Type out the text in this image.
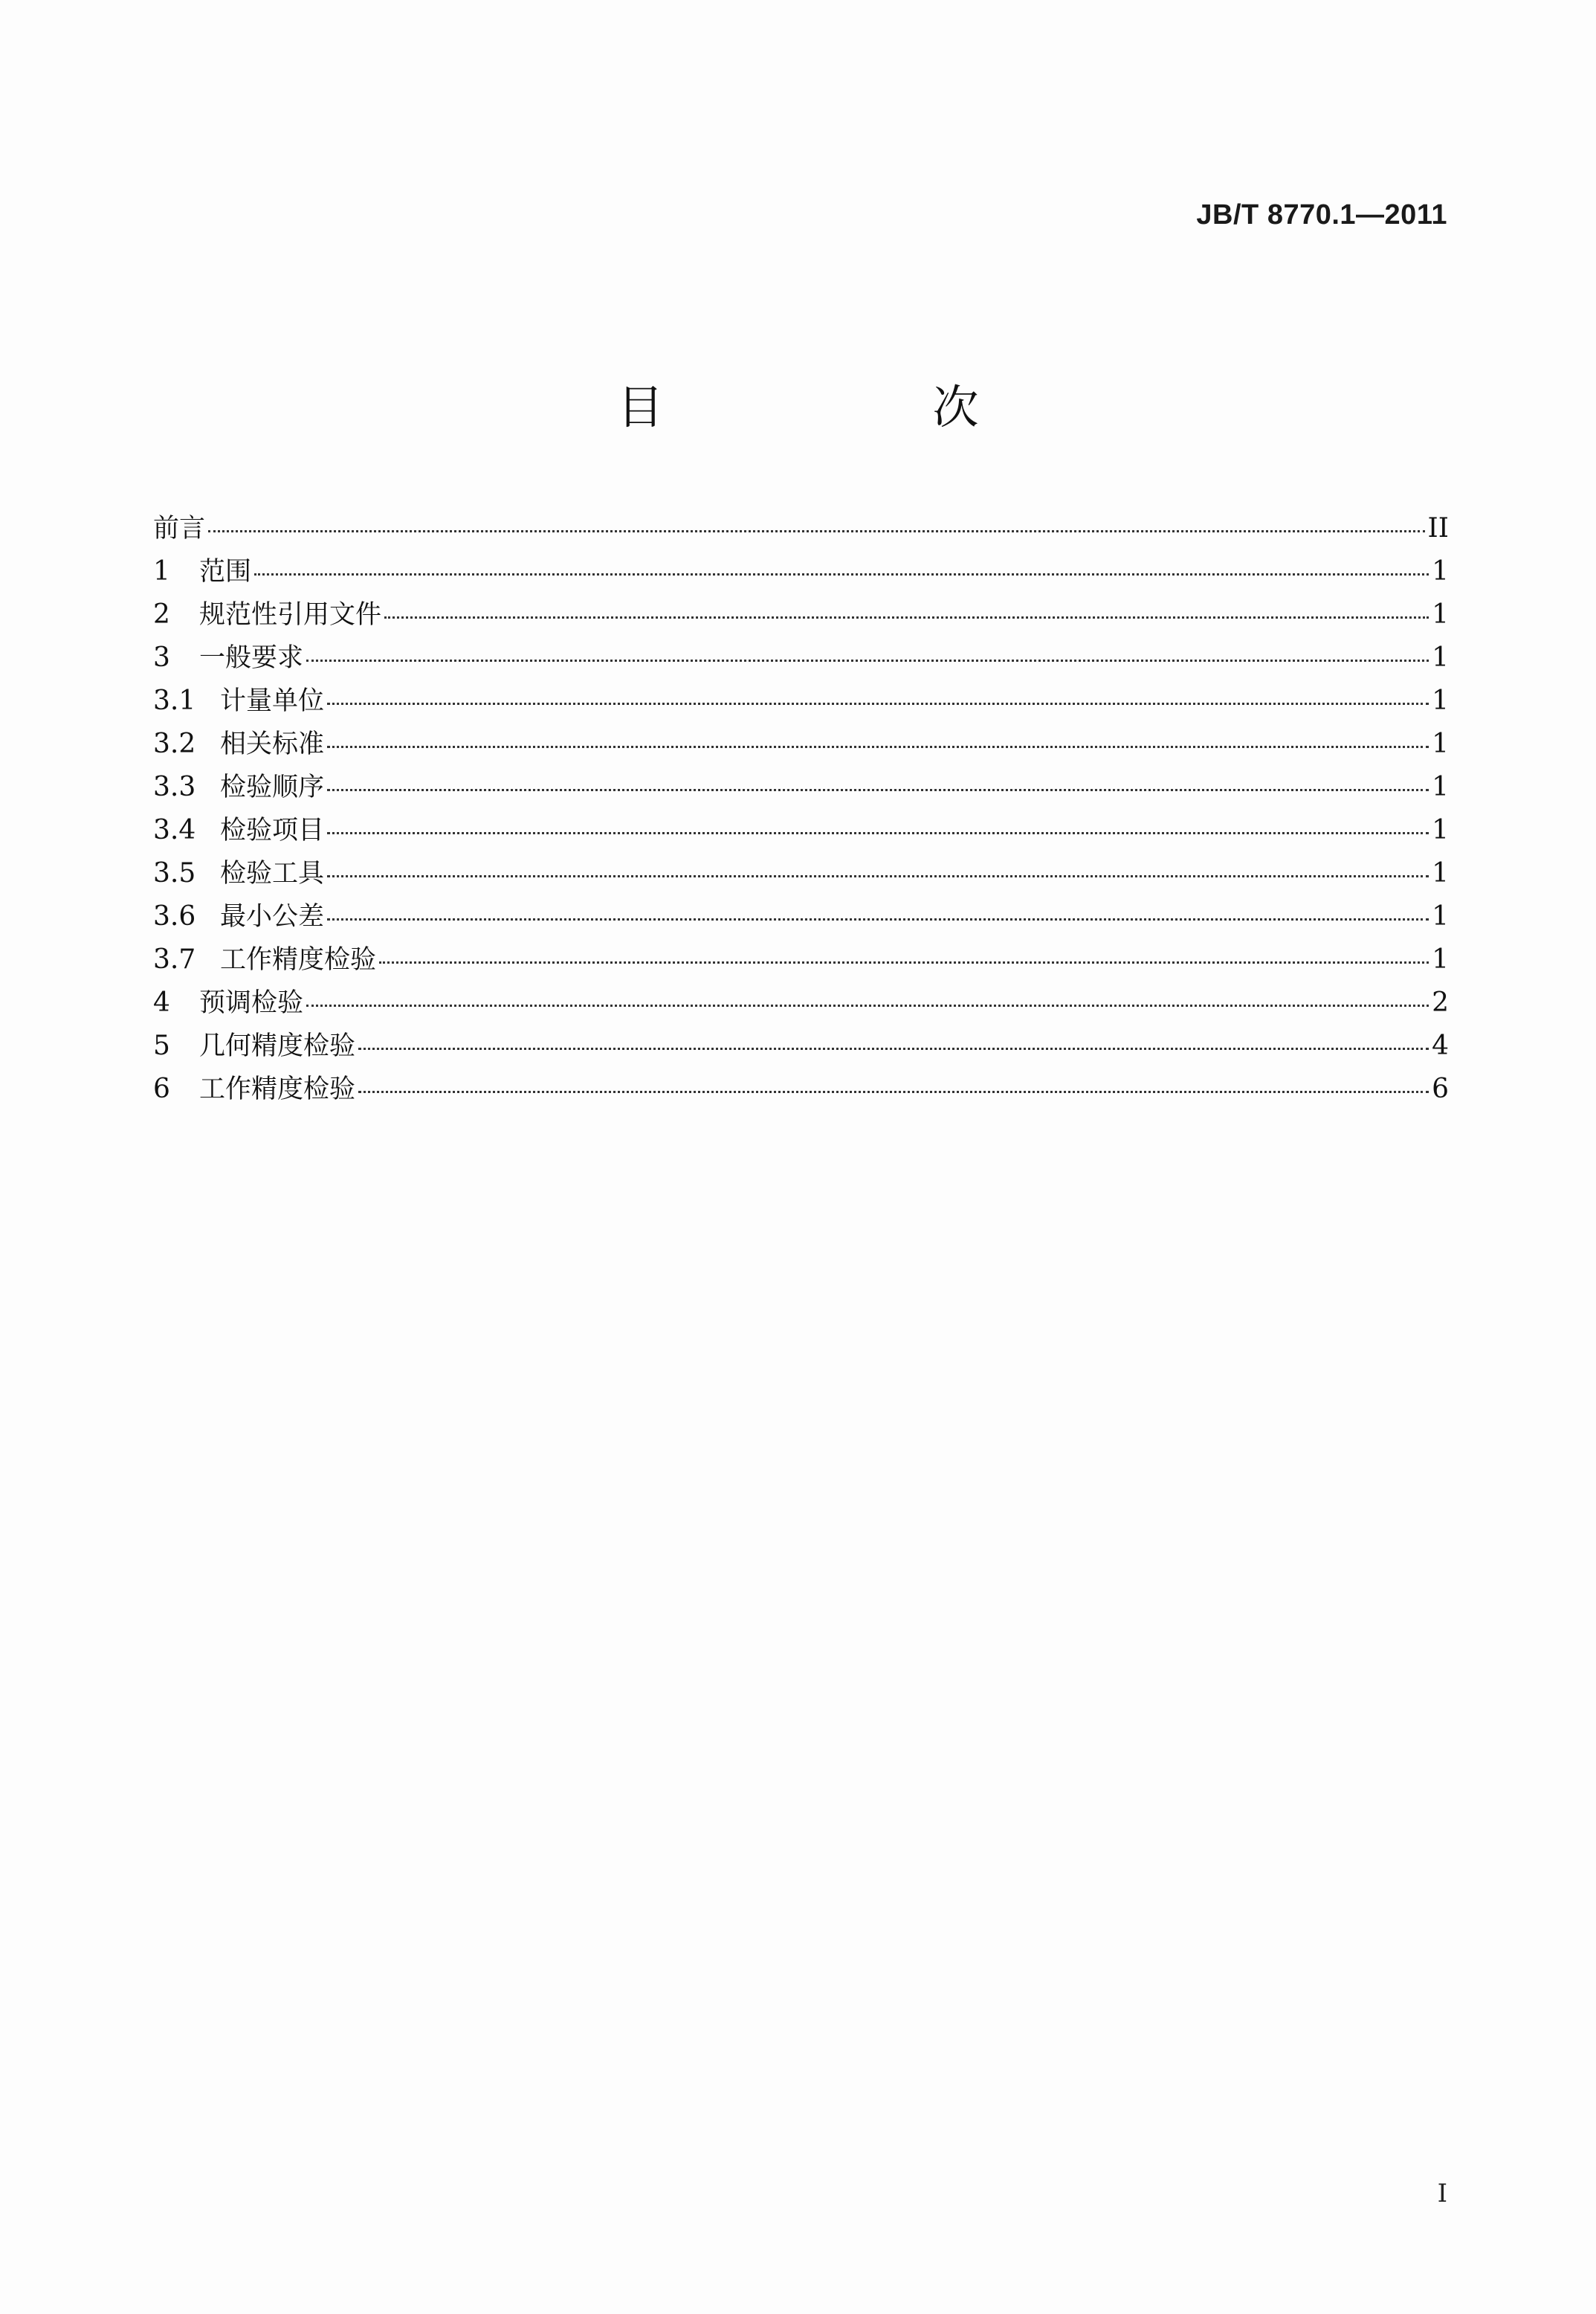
JB/T 8770.1—2011
目　次
前言	II
1	范围	1
2	规范性引用文件	1
3	一般要求	1
3.1 计量单位	1
3.2 相关标准	1
3.3 检验顺序	1
3.4 检验项目	1
3.5 检验工具	1
3.6 最小公差	1
3.7 工作精度检验	1
4	预调检验	2
5	几何精度检验	4
6	工作精度检验	6
I
